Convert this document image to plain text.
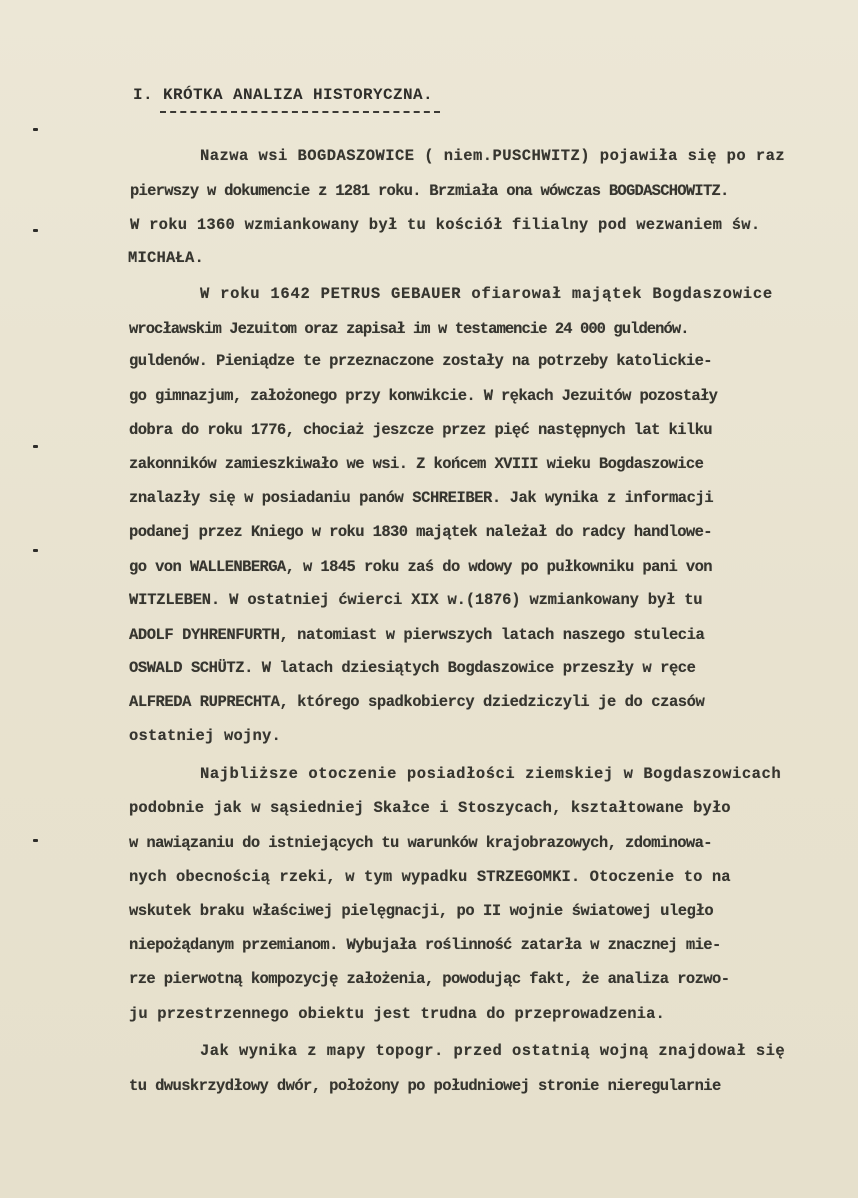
I. KRÓTKA ANALIZA HISTORYCZNA.
Nazwa wsi BOGDASZOWICE ( niem.PUSCHWITZ) pojawiła się po raz
pierwszy w dokumencie z 1281 roku. Brzmiała ona wówczas BOGDASCHOWITZ.
W roku 1360 wzmiankowany był tu kościół filialny pod wezwaniem św.
MICHAŁA.
W roku 1642 PETRUS GEBAUER ofiarował majątek Bogdaszowice
wrocławskim Jezuitom oraz zapisał im w testamencie 24 000 guldenów.
guldenów. Pieniądze te przeznaczone zostały na potrzeby katolickie-
go gimnazjum, założonego przy konwikcie. W rękach Jezuitów pozostały
dobra do roku 1776, chociaż jeszcze przez pięć następnych lat kilku
zakonników zamieszkiwało we wsi. Z końcem XVIII wieku Bogdaszowice
znalazły się w posiadaniu panów SCHREIBER. Jak wynika z informacji
podanej przez Kniego w roku 1830 majątek należał do radcy handlowe-
go von WALLENBERGA, w 1845 roku zaś do wdowy po pułkowniku pani von
WITZLEBEN. W ostatniej ćwierci XIX w.(1876) wzmiankowany był tu
ADOLF DYHRENFURTH, natomiast w pierwszych latach naszego stulecia
OSWALD SCHÜTZ. W latach dziesiątych Bogdaszowice przeszły w ręce
ALFREDA RUPRECHTA, którego spadkobiercy dziedziczyli je do czasów
ostatniej wojny.
Najbliższe otoczenie posiadłości ziemskiej w Bogdaszowicach
podobnie jak w sąsiedniej Skałce i Stoszycach, kształtowane było
w nawiązaniu do istniejących tu warunków krajobrazowych, zdominowa-
nych obecnością rzeki, w tym wypadku STRZEGOMKI. Otoczenie to na
wskutek braku właściwej pielęgnacji, po II wojnie światowej uległo
niepożądanym przemianom. Wybujała roślinność zatarła w znacznej mie-
rze pierwotną kompozycję założenia, powodując fakt, że analiza rozwo-
ju przestrzennego obiektu jest trudna do przeprowadzenia.
Jak wynika z mapy topogr. przed ostatnią wojną znajdował się
tu dwuskrzydłowy dwór, położony po południowej stronie nieregularnie
